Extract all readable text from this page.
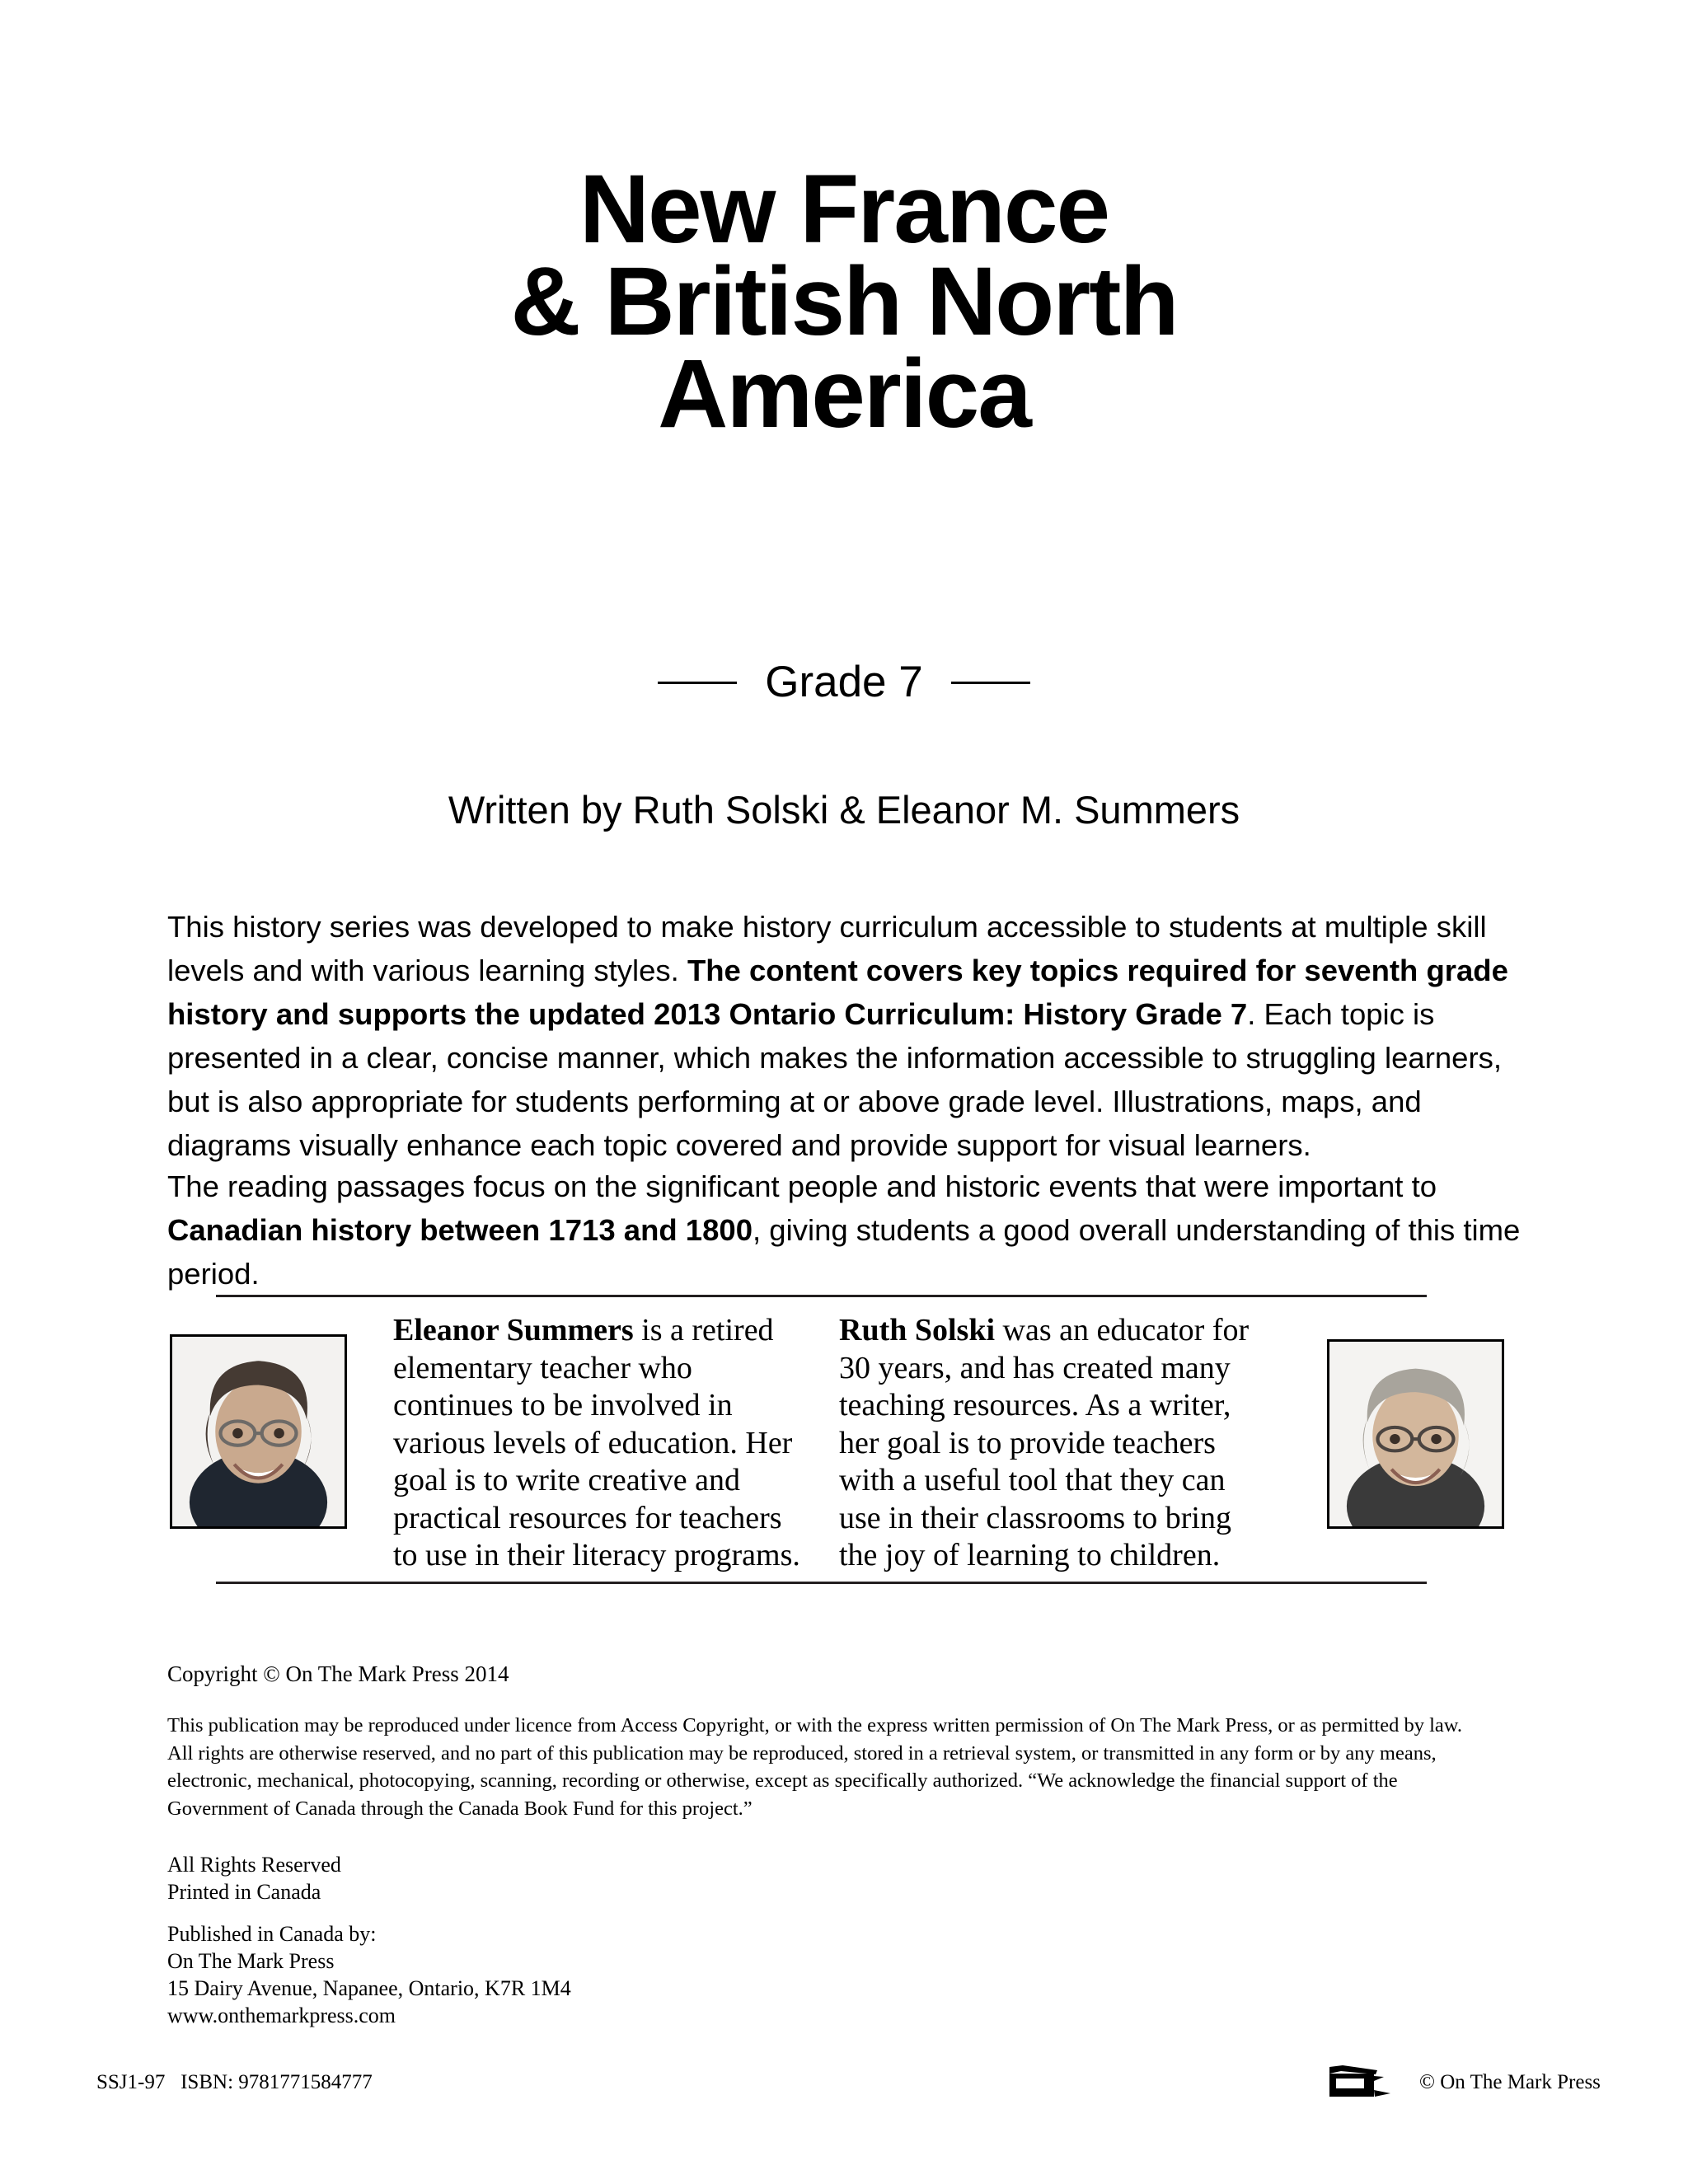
New France
& British North
America
Grade 7
Written by Ruth Solski & Eleanor M. Summers
This history series was developed to make history curriculum accessible to students at multiple skill levels and with various learning styles. The content covers key topics required for seventh grade history and supports the updated 2013 Ontario Curriculum: History Grade 7. Each topic is presented in a clear, concise manner, which makes the information accessible to struggling learners, but is also appropriate for students performing at or above grade level. Illustrations, maps, and diagrams visually enhance each topic covered and provide support for visual learners.
The reading passages focus on the significant people and historic events that were important to Canadian history between 1713 and 1800, giving students a good overall understanding of this time period.
Eleanor Summers is a retired elementary teacher who continues to be involved in various levels of education. Her goal is to write creative and practical resources for teachers to use in their literacy programs.
Ruth Solski was an educator for 30 years, and has created many teaching resources. As a writer, her goal is to provide teachers with a useful tool that they can use in their classrooms to bring the joy of learning to children.
Copyright © On The Mark Press 2014
This publication may be reproduced under licence from Access Copyright, or with the express written permission of On The Mark Press, or as permitted by law. All rights are otherwise reserved, and no part of this publication may be reproduced, stored in a retrieval system, or transmitted in any form or by any means, electronic, mechanical, photocopying, scanning, recording or otherwise, except as specifically authorized. “We acknowledge the financial support of the Government of Canada through the Canada Book Fund for this project.”
All Rights Reserved
Printed in Canada
Published in Canada by:
On The Mark Press
15 Dairy Avenue, Napanee, Ontario, K7R 1M4
www.onthemarkpress.com
SSJ1-97   ISBN: 9781771584777	© On The Mark Press
